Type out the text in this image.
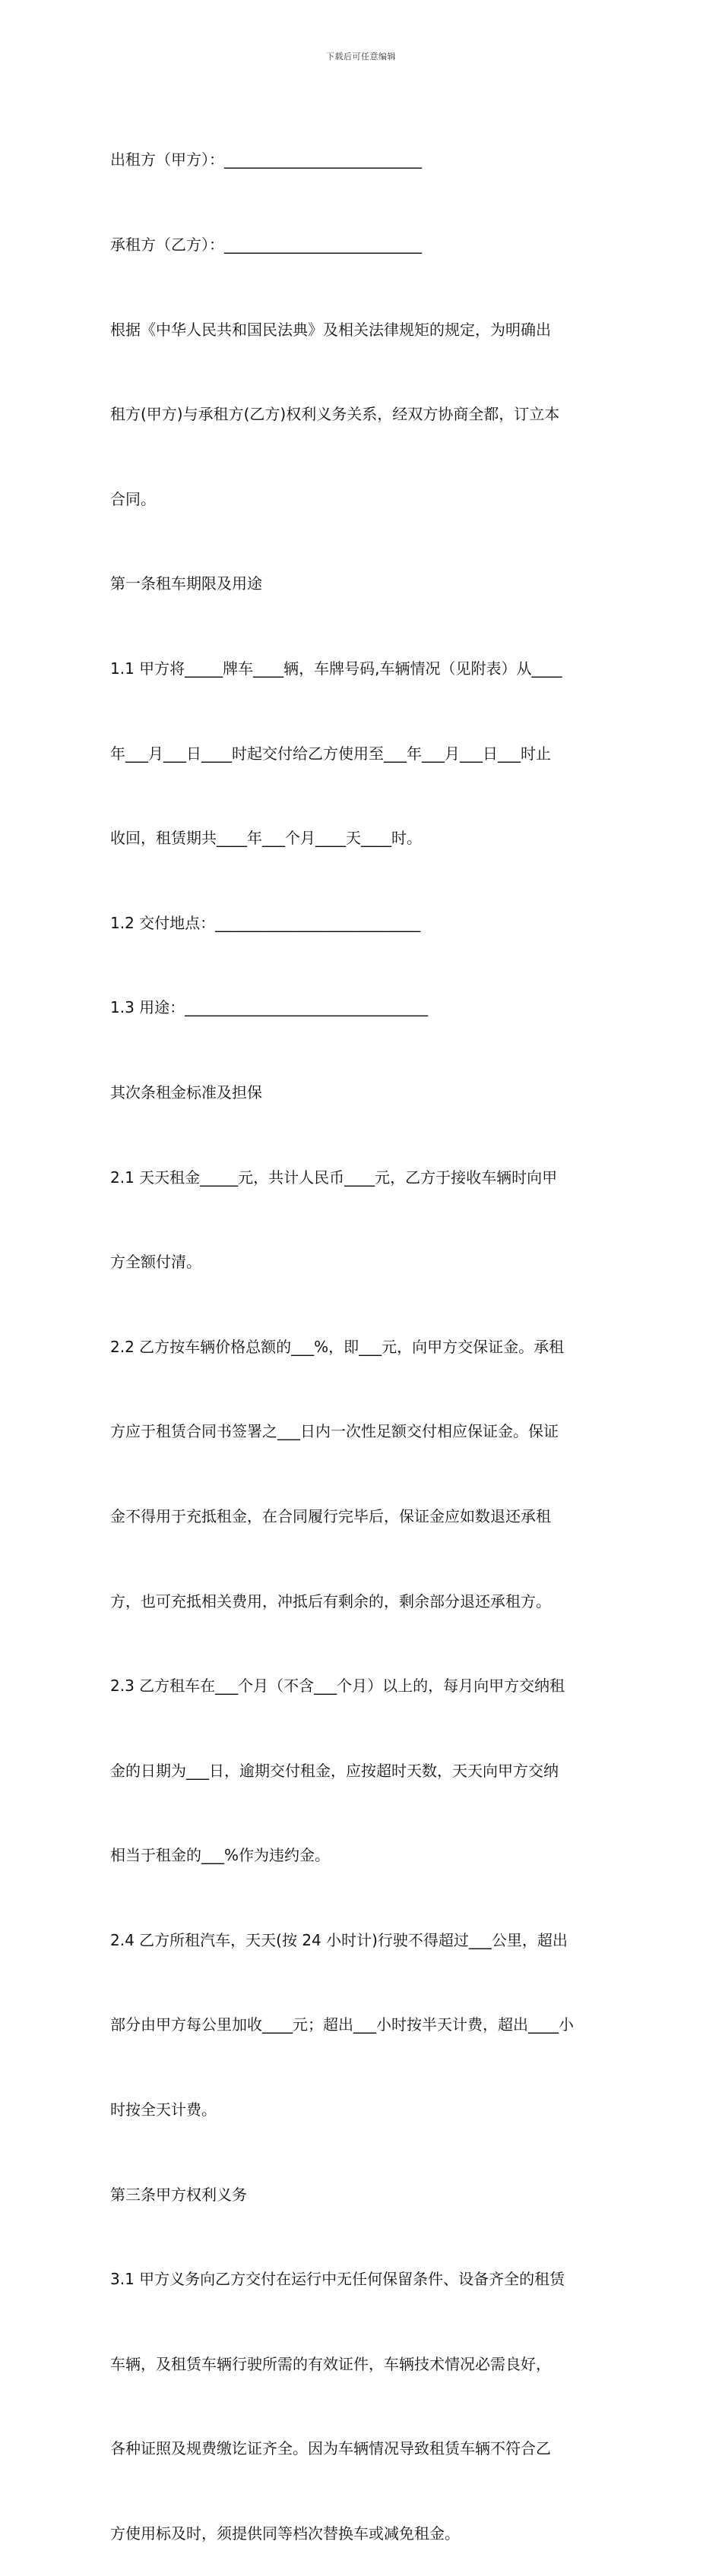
下载后可任意编辑

出租方（甲方）：__________________________

承租方（乙方）：__________________________

根据《中华人民共和国民法典》及相关法律规矩的规定，为明确出

租方(甲方)与承租方(乙方)权利义务关系，经双方协商全都，订立本

合同。

第一条租车期限及用途

1.1 甲方将_____牌车____辆，车牌号码,车辆情况（见附表）从____

年___月___日____时起交付给乙方使用至___年___月___日___时止

收回，租赁期共____年___个月____天____时。

1.2 交付地点：___________________________

1.3 用途：________________________________

其次条租金标准及担保

2.1 天天租金_____元，共计人民币____元，乙方于接收车辆时向甲

方全额付清。

2.2 乙方按车辆价格总额的___%，即___元，向甲方交保证金。承租

方应于租赁合同书签署之___日内一次性足额交付相应保证金。保证

金不得用于充抵租金，在合同履行完毕后，保证金应如数退还承租

方，也可充抵相关费用，冲抵后有剩余的，剩余部分退还承租方。

2.3 乙方租车在___个月（不含___个月）以上的，每月向甲方交纳租

金的日期为___日，逾期交付租金，应按超时天数，天天向甲方交纳

相当于租金的___%作为违约金。

2.4 乙方所租汽车，天天(按 24 小时计)行驶不得超过___公里，超出

部分由甲方每公里加收____元；超出___小时按半天计费，超出____小

时按全天计费。

第三条甲方权利义务

3.1 甲方义务向乙方交付在运行中无任何保留条件、设备齐全的租赁

车辆，及租赁车辆行驶所需的有效证件，车辆技术情况必需良好，

各种证照及规费缴讫证齐全。因为车辆情况导致租赁车辆不符合乙

方使用标及时，须提供同等档次替换车或减免租金。
